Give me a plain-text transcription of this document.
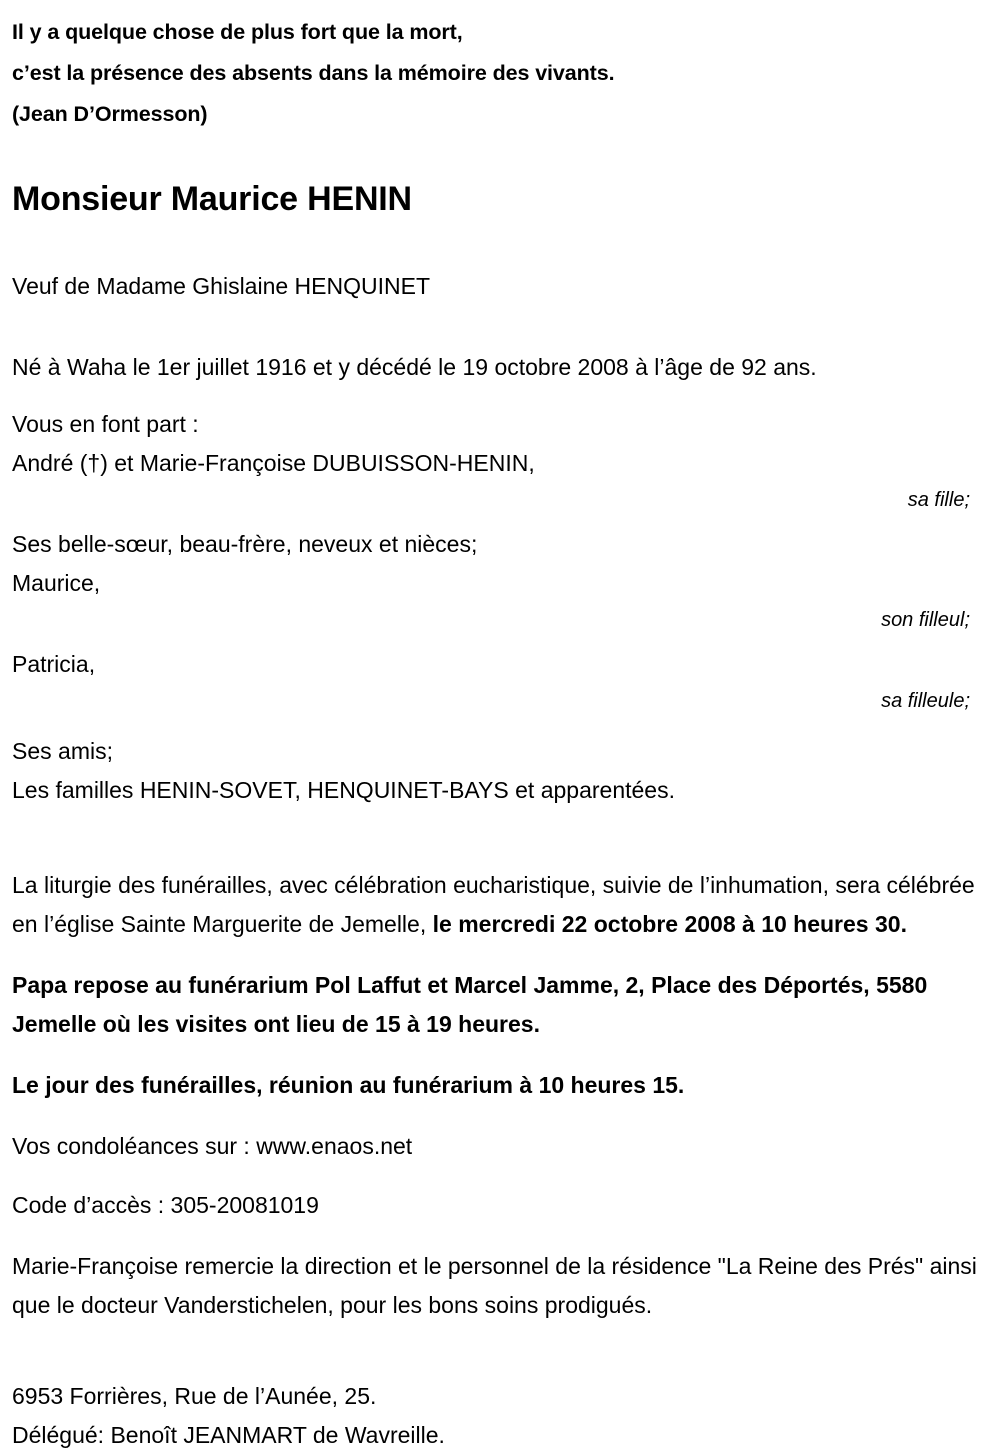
Il y a quelque chose de plus fort que la mort,
c’est la présence des absents dans la mémoire des vivants.
(Jean D’Ormesson)
Monsieur Maurice HENIN
Veuf de Madame Ghislaine HENQUINET
Né à Waha le 1er juillet 1916 et y décédé le 19 octobre 2008 à l’âge de 92 ans.
Vous en font part :
André (†) et Marie-Françoise DUBUISSON-HENIN,
sa fille;
Ses belle-sœur, beau-frère, neveux et nièces;
Maurice,
son filleul;
Patricia,
sa filleule;
Ses amis;
Les familles HENIN-SOVET, HENQUINET-BAYS et apparentées.
La liturgie des funérailles, avec célébration eucharistique, suivie de l’inhumation, sera célébrée en l’église Sainte Marguerite de Jemelle, le mercredi 22 octobre 2008 à 10 heures 30.
Papa repose au funérarium Pol Laffut et Marcel Jamme, 2, Place des Déportés, 5580 Jemelle où les visites ont lieu de 15 à 19 heures.
Le jour des funérailles, réunion au funérarium à 10 heures 15.
Vos condoléances sur : www.enaos.net
Code d’accès : 305-20081019
Marie-Françoise remercie la direction et le personnel de la résidence "La Reine des Prés" ainsi que le docteur Vanderstichelen, pour les bons soins prodigués.
6953 Forrières, Rue de l’Aunée, 25.
Délégué: Benoît JEANMART de Wavreille.
